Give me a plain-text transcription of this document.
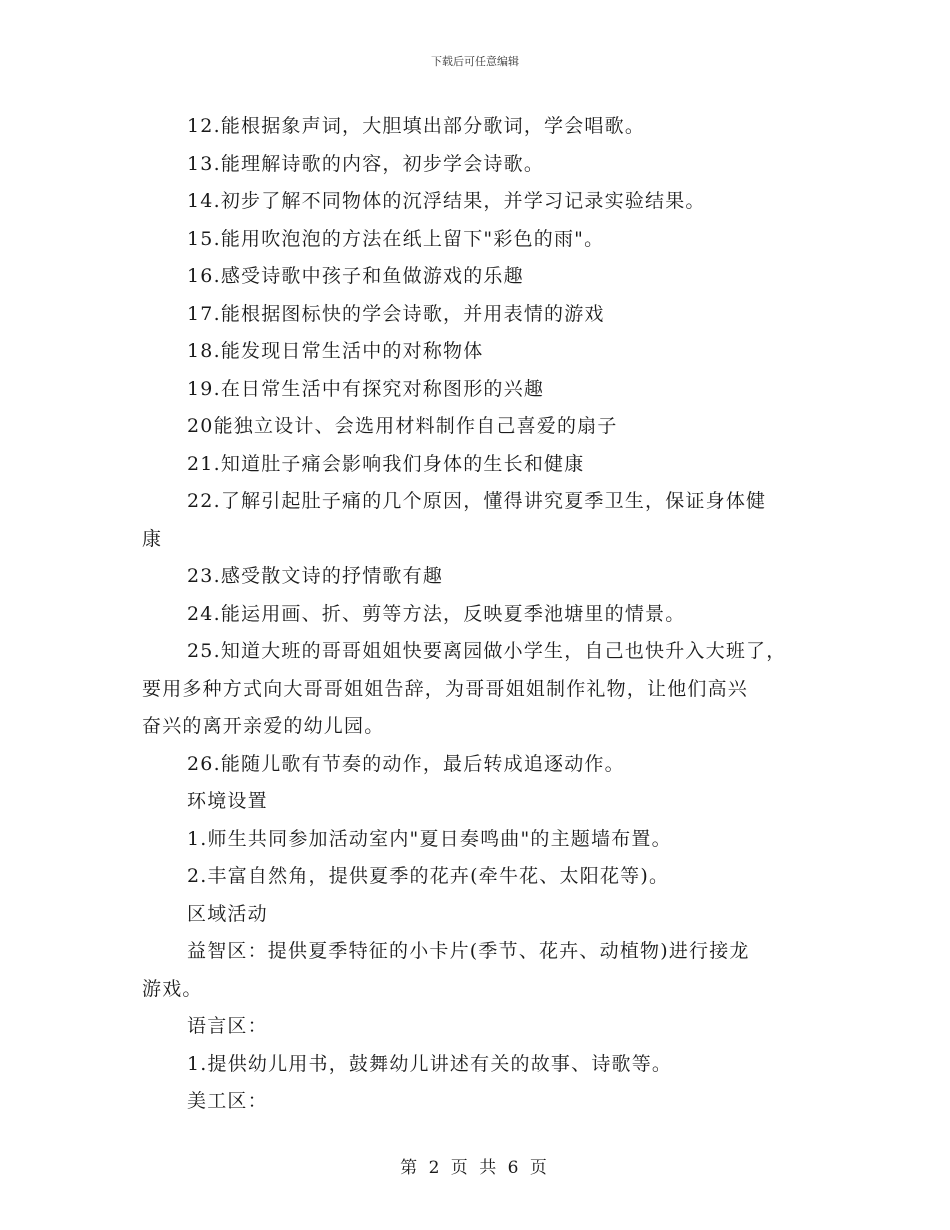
下载后可任意编辑
12.能根据象声词，大胆填出部分歌词，学会唱歌。
13.能理解诗歌的内容，初步学会诗歌。
14.初步了解不同物体的沉浮结果，并学习记录实验结果。
15.能用吹泡泡的方法在纸上留下"彩色的雨"。
16.感受诗歌中孩子和鱼做游戏的乐趣
17.能根据图标快的学会诗歌，并用表情的游戏
18.能发现日常生活中的对称物体
19.在日常生活中有探究对称图形的兴趣
20能独立设计、会选用材料制作自己喜爱的扇子
21.知道肚子痛会影响我们身体的生长和健康
22.了解引起肚子痛的几个原因，懂得讲究夏季卫生，保证身体健
康
23.感受散文诗的抒情歌有趣
24.能运用画、折、剪等方法，反映夏季池塘里的情景。
25.知道大班的哥哥姐姐快要离园做小学生，自己也快升入大班了，
要用多种方式向大哥哥姐姐告辞，为哥哥姐姐制作礼物，让他们高兴
奋兴的离开亲爱的幼儿园。
26.能随儿歌有节奏的动作，最后转成追逐动作。
环境设置
1.师生共同参加活动室内"夏日奏鸣曲"的主题墙布置。
2.丰富自然角，提供夏季的花卉(牵牛花、太阳花等)。
区域活动
益智区：提供夏季特征的小卡片(季节、花卉、动植物)进行接龙
游戏。
语言区：
1.提供幼儿用书，鼓舞幼儿讲述有关的故事、诗歌等。
美工区：
第 2 页 共 6 页
